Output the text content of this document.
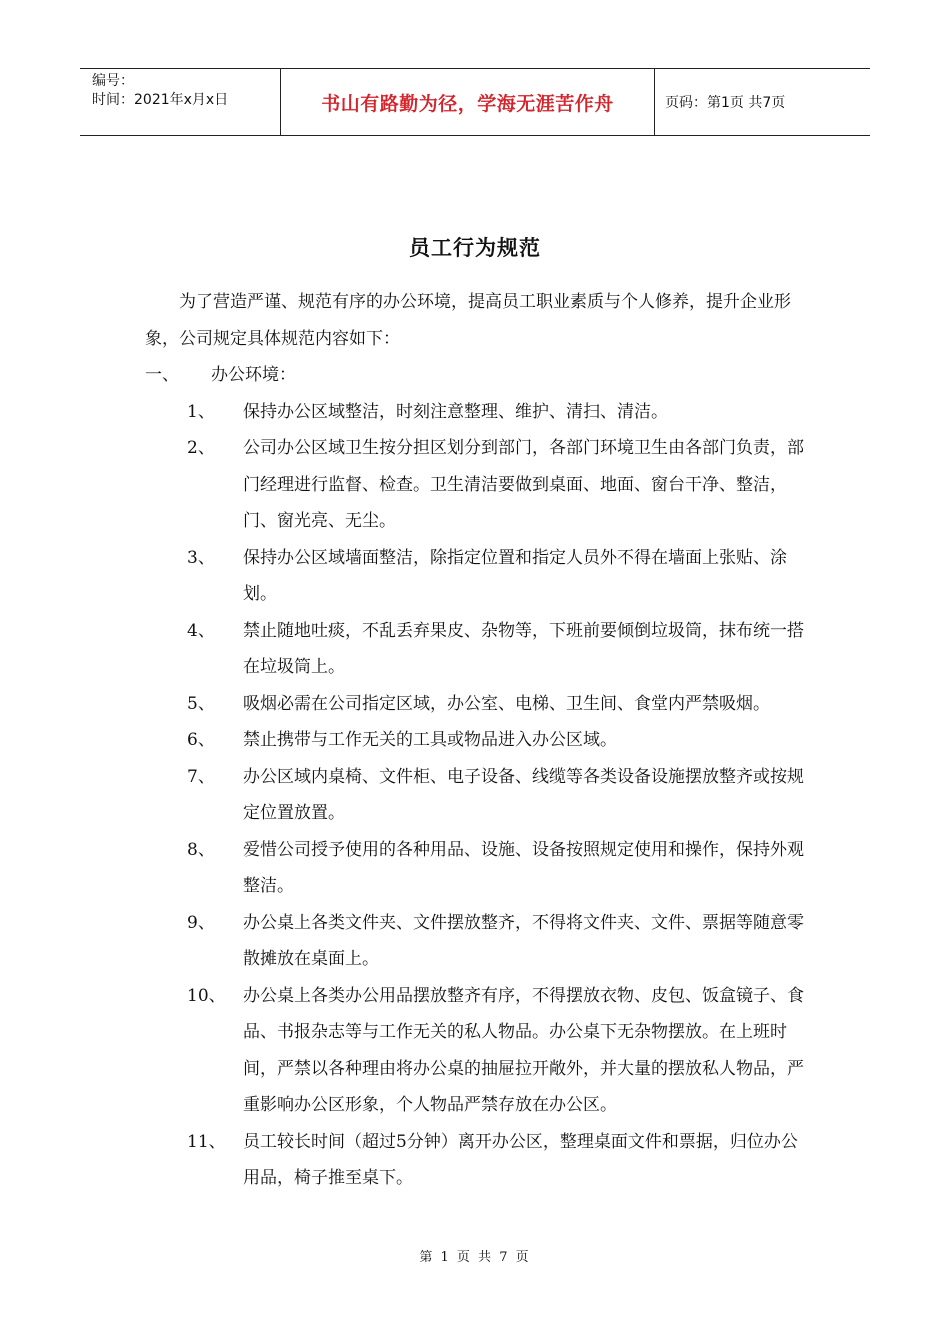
编号：
时间：2021年x月x日	书山有路勤为径，学海无涯苦作舟	页码：第1页 共7页
员工行为规范

为了营造严谨、规范有序的办公环境，提高员工职业素质与个人修养，提升企业形象，公司规定具体规范内容如下：

一、	办公环境：

1、 保持办公区域整洁，时刻注意整理、维护、清扫、清洁。
2、 公司办公区域卫生按分担区划分到部门，各部门环境卫生由各部门负责，部门经理进行监督、检查。卫生清洁要做到桌面、地面、窗台干净、整洁，门、窗光亮、无尘。
3、 保持办公区域墙面整洁，除指定位置和指定人员外不得在墙面上张贴、涂划。
4、 禁止随地吐痰，不乱丢弃果皮、杂物等，下班前要倾倒垃圾筒，抹布统一搭在垃圾筒上。
5、 吸烟必需在公司指定区域，办公室、电梯、卫生间、食堂内严禁吸烟。
6、 禁止携带与工作无关的工具或物品进入办公区域。
7、 办公区域内桌椅、文件柜、电子设备、线缆等各类设备设施摆放整齐或按规定位置放置。
8、 爱惜公司授予使用的各种用品、设施、设备按照规定使用和操作，保持外观整洁。
9、 办公桌上各类文件夹、文件摆放整齐，不得将文件夹、文件、票据等随意零散摊放在桌面上。
10、 办公桌上各类办公用品摆放整齐有序，不得摆放衣物、皮包、饭盒镜子、食品、书报杂志等与工作无关的私人物品。办公桌下无杂物摆放。在上班时间，严禁以各种理由将办公桌的抽屉拉开敞外，并大量的摆放私人物品，严重影响办公区形象，个人物品严禁存放在办公区。
11、 员工较长时间（超过5分钟）离开办公区，整理桌面文件和票据，归位办公用品，椅子推至桌下。
第 1 页 共 7 页
